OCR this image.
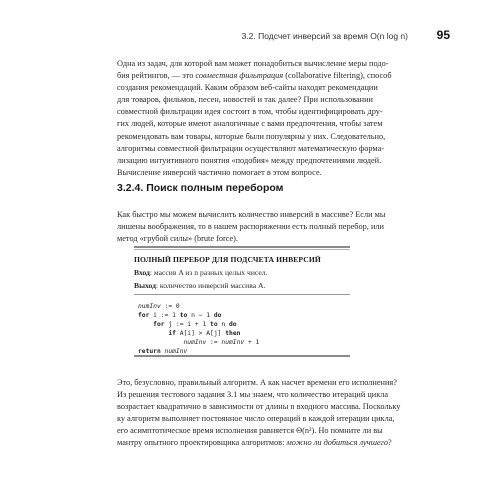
3.2. Подсчет инверсий за время O(n log n) 95

Одна из задач, для которой вам может понадобиться вычисление меры подо-
бия рейтингов, — это совместная фильтрация (collaborative filtering), способ
создания рекомендаций. Каким образом веб-сайты находят рекомендации
для товаров, фильмов, песен, новостей и так далее? При использовании
совместной фильтрации идея состоит в том, чтобы идентифицировать дру-
гих людей, которые имеют аналогичные с вами предпочтения, чтобы затем
рекомендовать вам товары, которые были популярны у них. Следовательно,
алгоритмы совместной фильтрации осуществляют математическую форма-
лизацию интуитивного понятия «подобия» между предпочтениями людей.
Вычисление инверсий частично помогает в этом вопросе.

3.2.4. Поиск полным перебором

Как быстро мы можем вычислить количество инверсий в массиве? Если мы
лишены воображения, то в нашем распоряжении есть полный перебор, или
метод «грубой силы» (brute force).

ПОЛНЫЙ ПЕРЕБОР ДЛЯ ПОДСЧЕТА ИНВЕРСИЙ
Вход: массив A из n разных целых чисел.
Выход: количество инверсий массива A.
numInv := 0
for i := 1 to n − 1 do
for j := i + 1 to n do
if A[i] > A[j] then
numInv := numInv + 1
return numInv

Это, безусловно, правильный алгоритм. А как насчет времени его исполнения?
Из решения тестового задания 3.1 мы знаем, что количество итераций цикла
возрастает квадратично в зависимости от длины n входного массива. Поскольку
ку алгоритм выполняет постоянное число операций в каждой итерации цикла,
его асимптотическое время исполнения равняется Θ(n²). Но помните ли вы
мантру опытного проектировщика алгоритмов: можно ли добиться лучшего?
